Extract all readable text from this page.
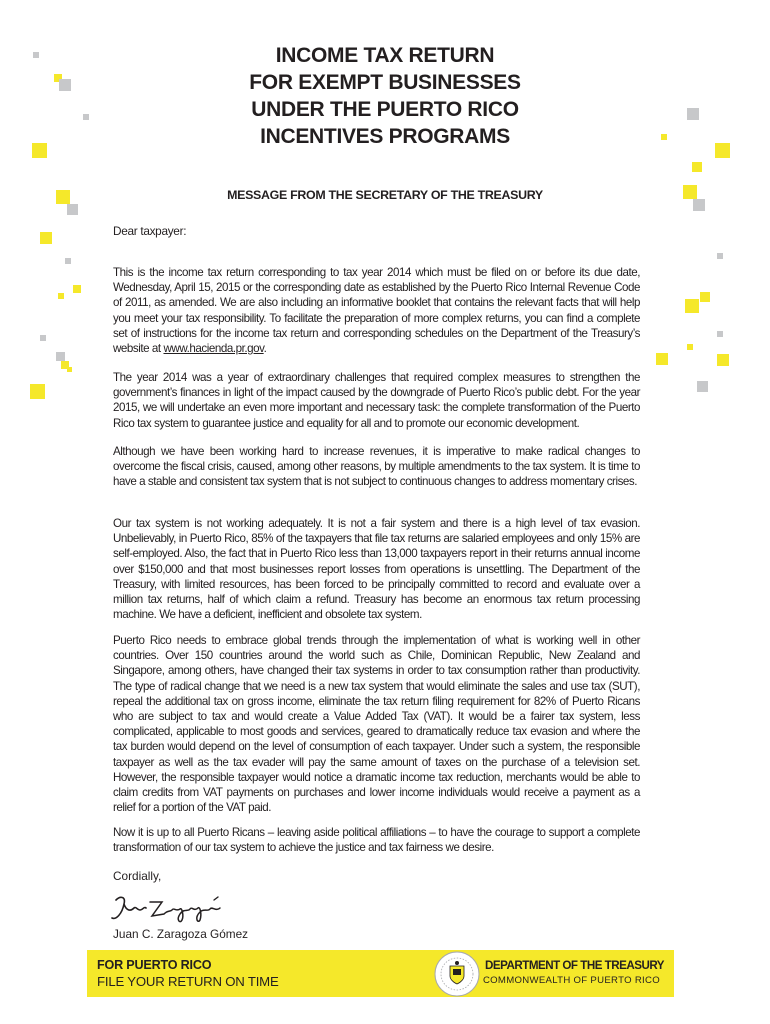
INCOME TAX RETURN
FOR EXEMPT BUSINESSES
UNDER THE PUERTO RICO
INCENTIVES PROGRAMS
MESSAGE FROM THE SECRETARY OF THE TREASURY
Dear taxpayer:

This is the income tax return corresponding to tax year 2014 which must be filed on or before its due date, Wednesday, April 15, 2015 or the corresponding date as established by the Puerto Rico Internal Revenue Code of 2011, as amended. We are also including an informative booklet that contains the relevant facts that will help you meet your tax responsibility. To facilitate the preparation of more complex returns, you can find a complete set of instructions for the income tax return and corresponding schedules on the Department of the Treasury’s website at www.hacienda.pr.gov.

The year 2014 was a year of extraordinary challenges that required complex measures to strengthen the government’s finances in light of the impact caused by the downgrade of Puerto Rico’s public debt. For the year 2015, we will undertake an even more important and necessary task: the complete transformation of the Puerto Rico tax system to guarantee justice and equality for all and to promote our economic development.

Although we have been working hard to increase revenues, it is imperative to make radical changes to overcome the fiscal crisis, caused, among other reasons, by multiple amendments to the tax system. It is time to have a stable and consistent tax system that is not subject to continuous changes to address momentary crises.

Our tax system is not working adequately. It is not a fair system and there is a high level of tax evasion. Unbelievably, in Puerto Rico, 85% of the taxpayers that file tax returns are salaried employees and only 15% are self-employed. Also, the fact that in Puerto Rico less than 13,000 taxpayers report in their returns annual income over $150,000 and that most businesses report losses from operations is unsettling. The Department of the Treasury, with limited resources, has been forced to be principally committed to record and evaluate over a million tax returns, half of which claim a refund. Treasury has become an enormous tax return processing machine. We have a deficient, inefficient and obsolete tax system.

Puerto Rico needs to embrace global trends through the implementation of what is working well in other countries. Over 150 countries around the world such as Chile, Dominican Republic, New Zealand and Singapore, among others, have changed their tax systems in order to tax consumption rather than productivity. The type of radical change that we need is a new tax system that would eliminate the sales and use tax (SUT), repeal the additional tax on gross income, eliminate the tax return filing requirement for 82% of Puerto Ricans who are subject to tax and would create a Value Added Tax (VAT). It would be a fairer tax system, less complicated, applicable to most goods and services, geared to dramatically reduce tax evasion and where the tax burden would depend on the level of consumption of each taxpayer. Under such a system, the responsible taxpayer as well as the tax evader will pay the same amount of taxes on the purchase of a television set. However, the responsible taxpayer would notice a dramatic income tax reduction, merchants would be able to claim credits from VAT payments on purchases and lower income individuals would receive a payment as a relief for a portion of the VAT paid.

Now it is up to all Puerto Ricans – leaving aside political affiliations – to have the courage to support a complete transformation of our tax system to achieve the justice and tax fairness we desire.

Cordially,
Juan C. Zaragoza Gómez
FOR PUERTO RICO
FILE YOUR RETURN ON TIME
DEPARTMENT OF THE TREASURY
COMMONWEALTH OF PUERTO RICO
